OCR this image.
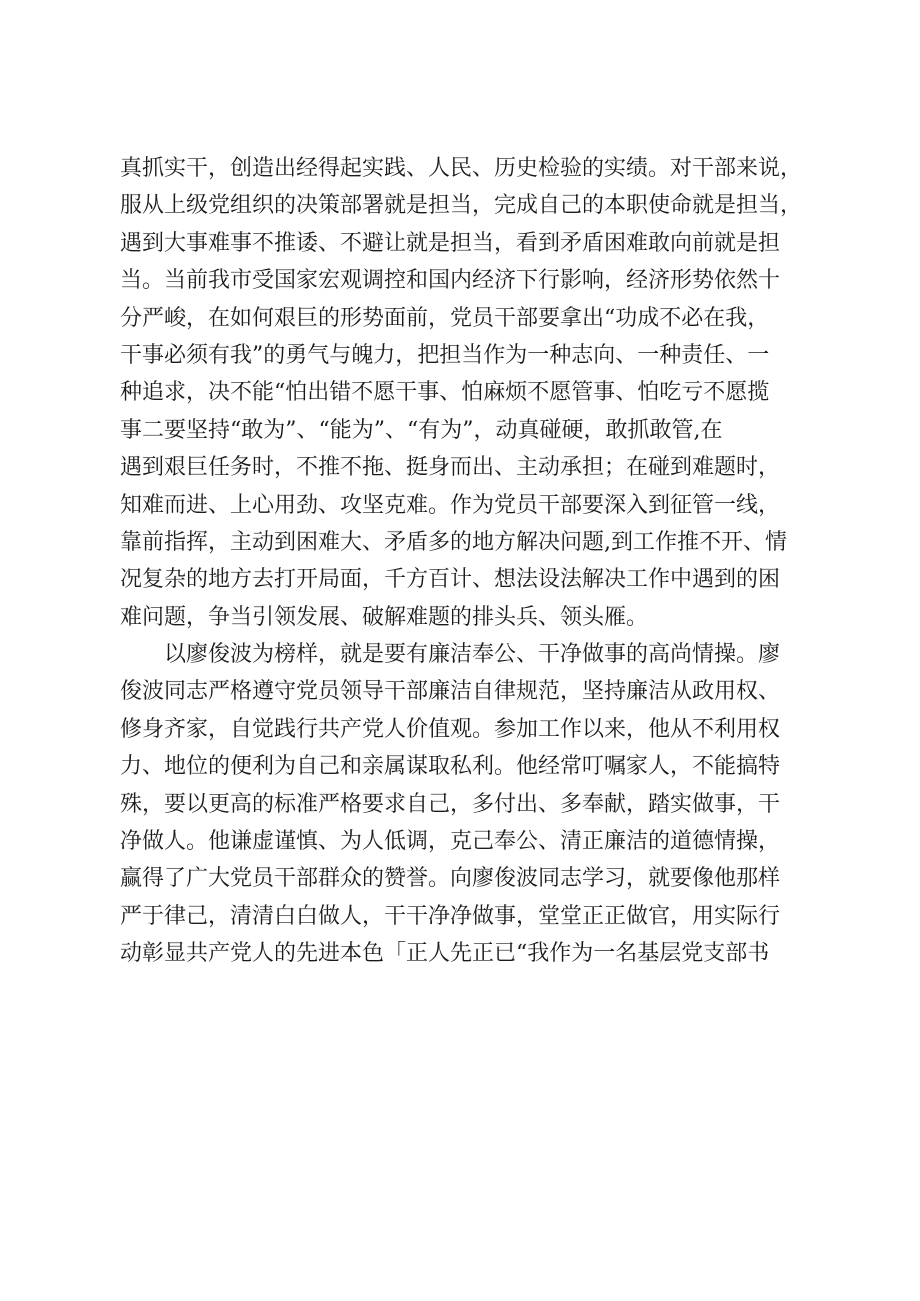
真抓实干，创造出经得起实践、人民、历史检验的实绩。对干部来说，
服从上级党组织的决策部署就是担当，完成自己的本职使命就是担当，
遇到大事难事不推诿、不避让就是担当，看到矛盾困难敢向前就是担
当。当前我市受国家宏观调控和国内经济下行影响，经济形势依然十
分严峻，在如何艰巨的形势面前，党员干部要拿出“功成不必在我，
干事必须有我”的勇气与魄力，把担当作为一种志向、一种责任、一
种追求，决不能“怕出错不愿干事、怕麻烦不愿管事、怕吃亏不愿揽
事二要坚持“敢为”、“能为”、“有为”，动真碰硬，敢抓敢管,在
遇到艰巨任务时，不推不拖、挺身而出、主动承担；在碰到难题时，
知难而进、上心用劲、攻坚克难。作为党员干部要深入到征管一线，
靠前指挥，主动到困难大、矛盾多的地方解决问题,到工作推不开、情
况复杂的地方去打开局面，千方百计、想法设法解决工作中遇到的困
难问题，争当引领发展、破解难题的排头兵、领头雁。
以廖俊波为榜样，就是要有廉洁奉公、干净做事的高尚情操。廖
俊波同志严格遵守党员领导干部廉洁自律规范，坚持廉洁从政用权、
修身齐家，自觉践行共产党人价值观。参加工作以来，他从不利用权
力、地位的便利为自己和亲属谋取私利。他经常叮嘱家人，不能搞特
殊，要以更高的标准严格要求自己，多付出、多奉献，踏实做事，干
净做人。他谦虚谨慎、为人低调，克己奉公、清正廉洁的道德情操，
赢得了广大党员干部群众的赞誉。向廖俊波同志学习，就要像他那样
严于律己，清清白白做人，干干净净做事，堂堂正正做官，用实际行
动彰显共产党人的先进本色「正人先正已“我作为一名基层党支部书
